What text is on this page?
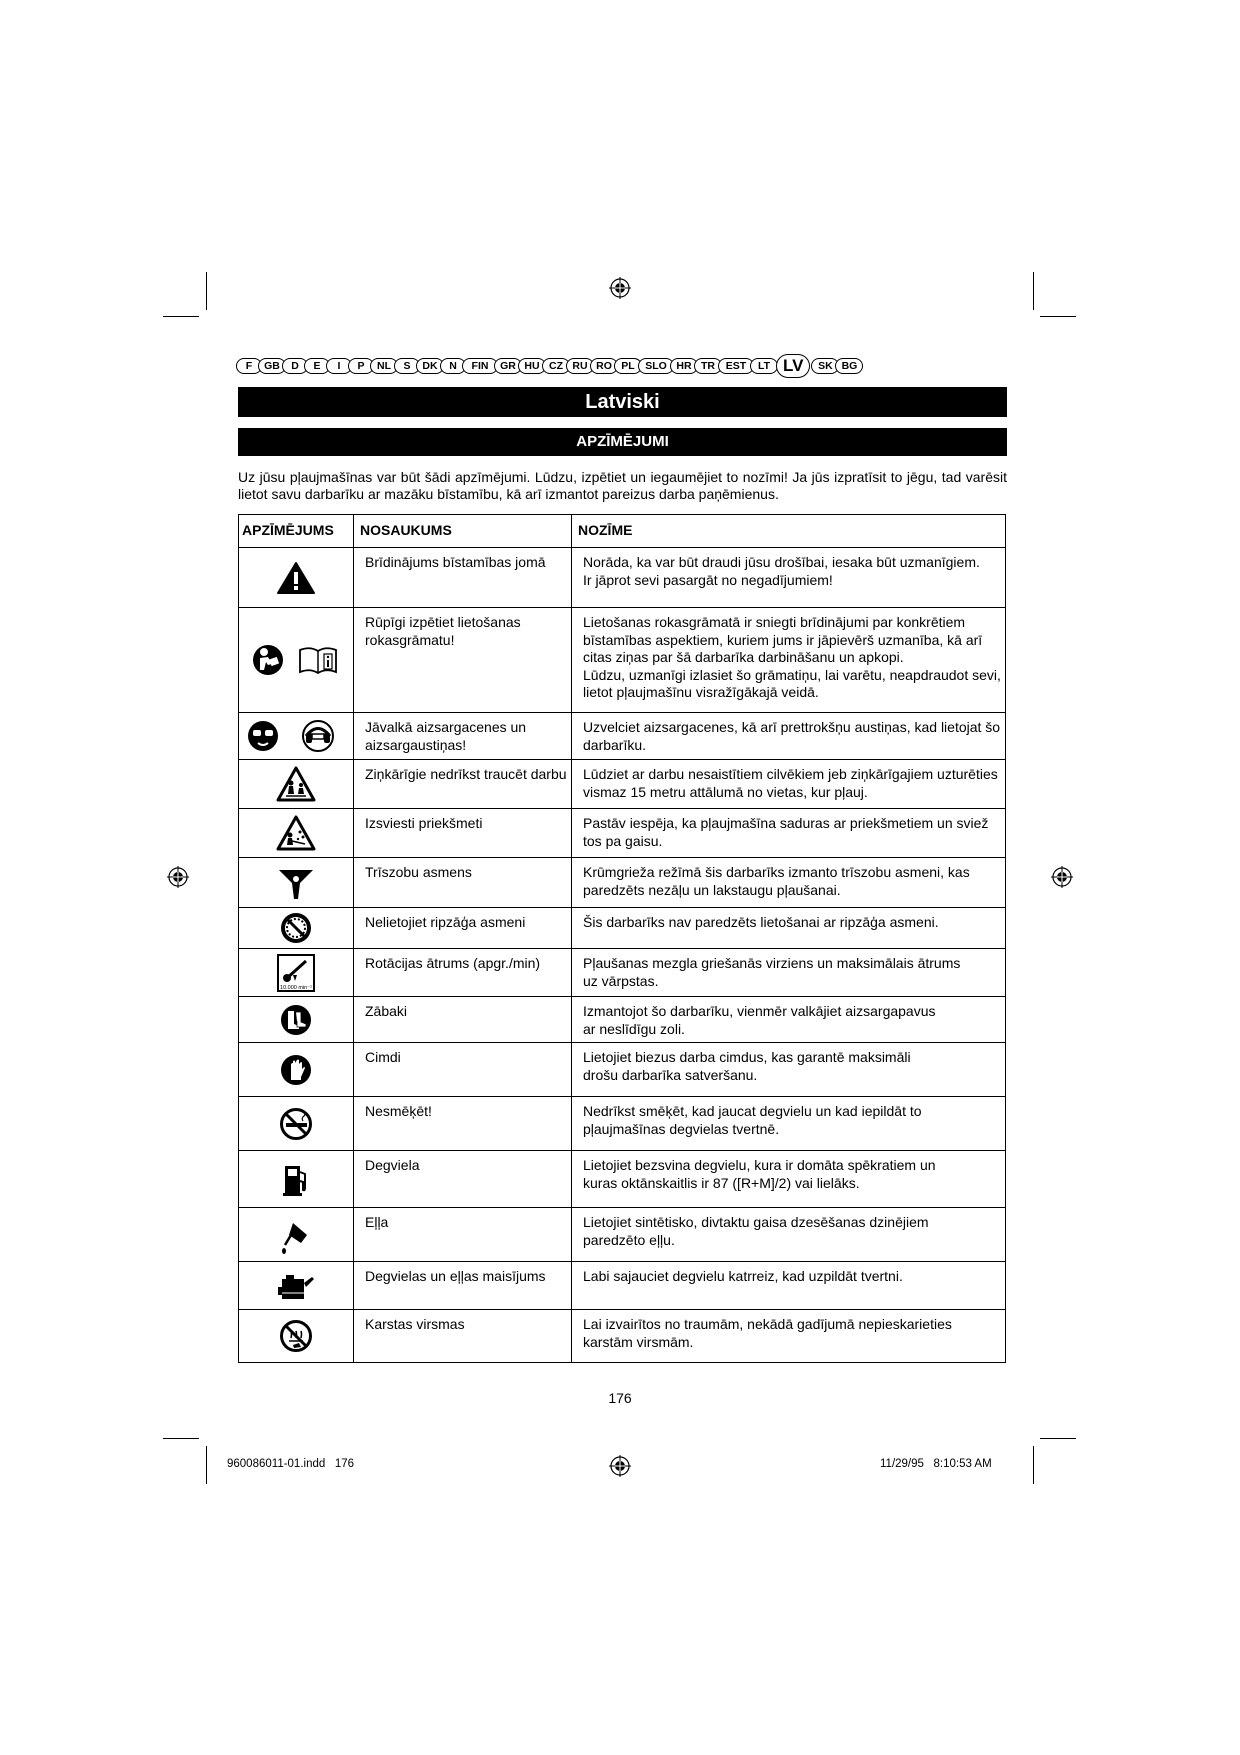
F	GB	D	E	I	P	NL	S	DK	N	FIN	GR HU CZ RU RO PL	SLO HR TR	EST	LT LV	SK BG
Latviski
APZĪMĒJUMI

Uz jūsu pļaujmašīnas var būt šādi apzīmējumi. Lūdzu, izpētiet un iegaumējiet to nozīmi! Ja jūs izpratīsit to jēgu, tad varēsit lietot savu darbarīku ar mazāku bīstamību, kā arī izmantot pareizus darba paņēmienus.

APZĪMĒJUMS	NOSAUKUMS	NOZĪME
	Brīdinājums bīstamības jomā	Norāda, ka var būt draudi jūsu drošībai, iesaka būt uzmanīgiem.
Ir jāprot sevi pasargāt no negadījumiem!
	Rūpīgi izpētiet lietošanas rokasgrāmatu!	Lietošanas rokasgrāmatā ir sniegti brīdinājumi par konkrētiem bīstamības aspektiem, kuriem jums ir jāpievērš uzmanība, kā arī citas ziņas par šā darbarīka darbināšanu un apkopi.
Lūdzu, uzmanīgi izlasiet šo grāmatiņu, lai varētu, neapdraudot sevi, lietot pļaujmašīnu visražīgākajā veidā.
	Jāvalkā aizsargacenes un aizsargaustiņas!	Uzvelciet aizsargacenes, kā arī prettrokšņu austiņas, kad lietojat šo darbarīku.
	Ziņkārīgie nedrīkst traucēt darbu	Lūdziet ar darbu nesaistītiem cilvēkiem jeb ziņkārīgajiem uzturēties vismaz 15 metru attālumā no vietas, kur pļauj.
	Izsviesti priekšmeti	Pastāv iespēja, ka pļaujmašīna saduras ar priekšmetiem un sviež tos pa gaisu.
	Trīszobu asmens	Krūmgrieža režīmā šis darbarīks izmanto trīszobu asmeni, kas paredzēts nezāļu un lakstaugu pļaušanai.
	Nelietojiet ripzāģa asmeni	Šis darbarīks nav paredzēts lietošanai ar ripzāģa asmeni.

10.000 min⁻¹	Rotācijas ātrums (apgr./min)	Pļaušanas mezgla griešanās virziens un maksimālais ātrums
uz vārpstas.
	Zābaki	Izmantojot šo darbarīku, vienmēr valkājiet aizsargapavus
ar neslīdīgu zoli.
	Cimdi	Lietojiet biezus darba cimdus, kas garantē maksimāli
drošu darbarīka satveršanu.
	Nesmēķēt!	Nedrīkst smēķēt, kad jaucat degvielu un kad iepildāt to
pļaujmašīnas degvielas tvertnē.
	Degviela	Lietojiet bezsvina degvielu, kura ir domāta spēkratiem un
kuras oktānskaitlis ir 87 ([R+M]/2) vai lielāks.
	Eļļa	Lietojiet sintētisko, divtaktu gaisa dzesēšanas dzinējiem
paredzēto eļļu.
	Degvielas un eļļas maisījums	Labi sajauciet degvielu katrreiz, kad uzpildāt tvertni.
	Karstas virsmas	Lai izvairītos no traumām, nekādā gadījumā nepieskarieties karstām virsmām.
176
960086011-01.indd   176	11/29/95   8:10:53 AM
